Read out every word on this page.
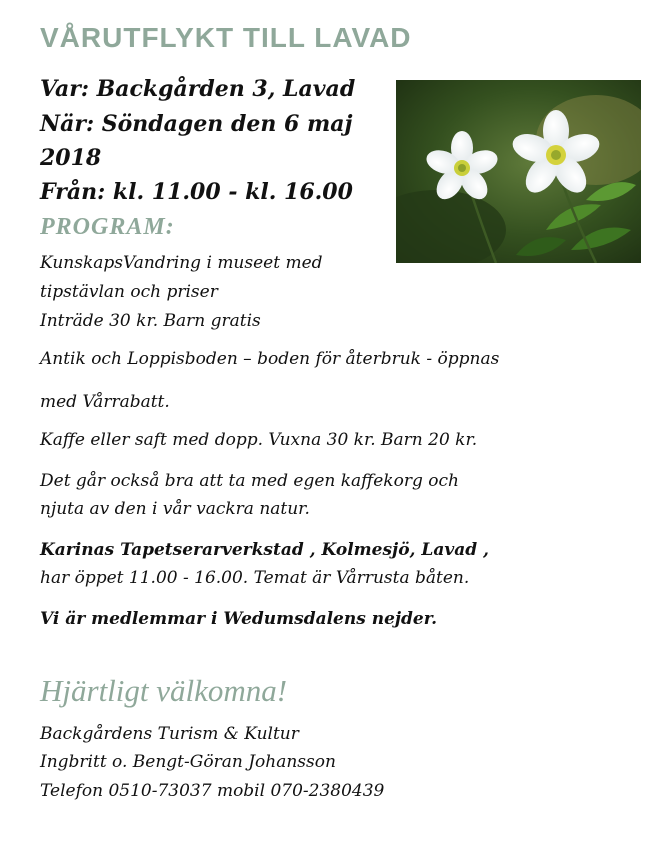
VÅRUTFLYKT TILL LAVAD
Var: Backgården 3, Lavad
När: Söndagen den 6 maj
2018
Från: kl. 11.00 - kl. 16.00
PROGRAM:
KunskapsVandring i museet med
tipstävlan och priser
Inträde 30 kr. Barn gratis
Antik och Loppisboden – boden för återbruk - öppnas
med Vårrabatt.
Kaffe eller saft med dopp. Vuxna 30 kr. Barn 20 kr.
Det går också bra att ta med egen kaffekorg och
njuta av den i vår vackra natur.
Karinas Tapetserarverkstad , Kolmesjö, Lavad ,
har öppet 11.00 - 16.00. Temat är Vårrusta båten.
Vi är medlemmar i Wedumsdalens nejder.
Hjärtligt välkomna!
Backgårdens Turism & Kultur
Ingbritt o. Bengt-Göran Johansson
Telefon 0510-73037 mobil 070-2380439
